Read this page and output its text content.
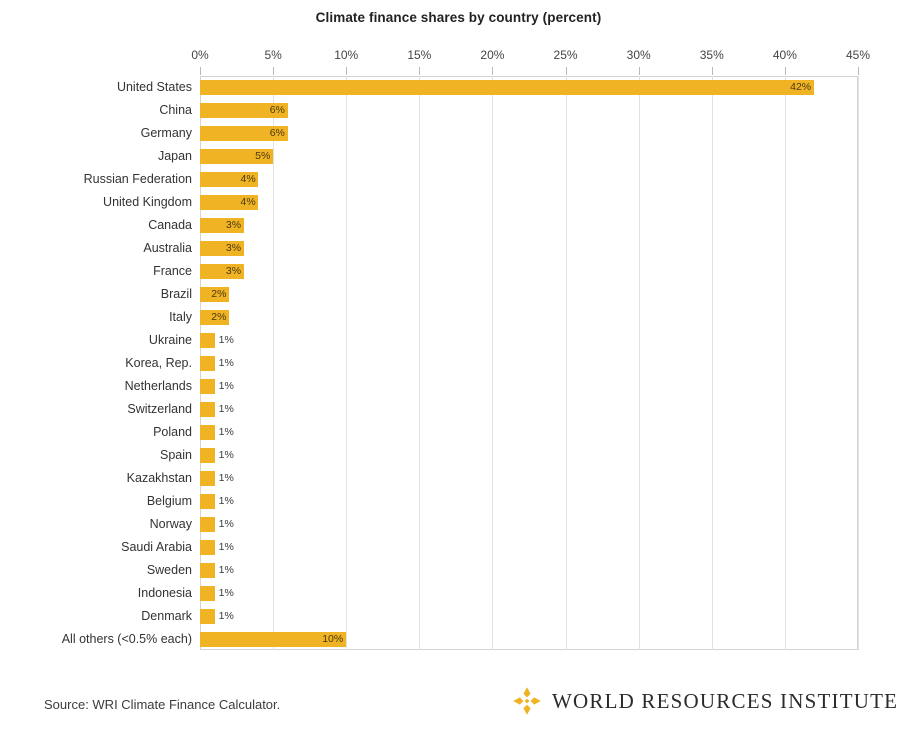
Climate finance shares by country (percent)
0%	5%	10%	15%	20%	25%	30%	35%	40%	45%
United States	42%
China	6%
Germany	6%
Japan	5%
Russian Federation	4%
United Kingdom	4%
Canada	3%
Australia	3%
France	3%
Brazil 2%
Italy 2%
Ukraine	1%
Korea, Rep.	1%
Netherlands	1%
Switzerland	1%
Poland	1%
Spain	1%
Kazakhstan	1%
Belgium	1%
Norway	1%
Saudi Arabia	1%
Sweden	1%
Indonesia	1%
Denmark	1%
All others (<0.5% each)	10%
Source: WRI Climate Finance Calculator.	WORLD RESOURCES INSTITUTE
